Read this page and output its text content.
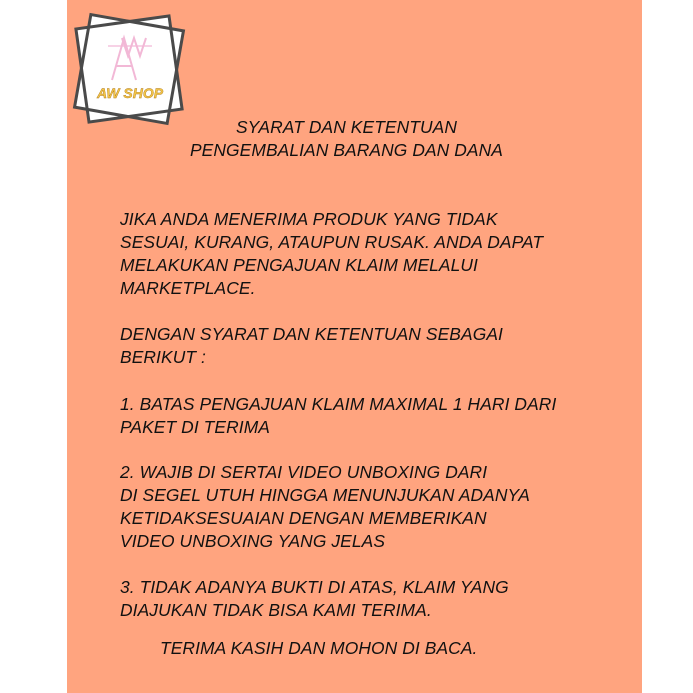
AW SHOP

SYARAT DAN KETENTUAN
PENGEMBALIAN BARANG DAN DANA

JIKA ANDA MENERIMA PRODUK YANG TIDAK
SESUAI, KURANG, ATAUPUN RUSAK. ANDA DAPAT
MELAKUKAN PENGAJUAN KLAIM MELALUI
MARKETPLACE.

DENGAN SYARAT DAN KETENTUAN SEBAGAI
BERIKUT :

1. BATAS PENGAJUAN KLAIM MAXIMAL 1 HARI DARI
PAKET DI TERIMA

2. WAJIB DI SERTAI VIDEO UNBOXING DARI
DI SEGEL UTUH HINGGA MENUNJUKAN ADANYA
KETIDAKSESUAIAN DENGAN MEMBERIKAN
VIDEO UNBOXING YANG JELAS

3. TIDAK ADANYA BUKTI DI ATAS, KLAIM YANG
DIAJUKAN TIDAK BISA KAMI TERIMA.

TERIMA KASIH DAN MOHON DI BACA.
